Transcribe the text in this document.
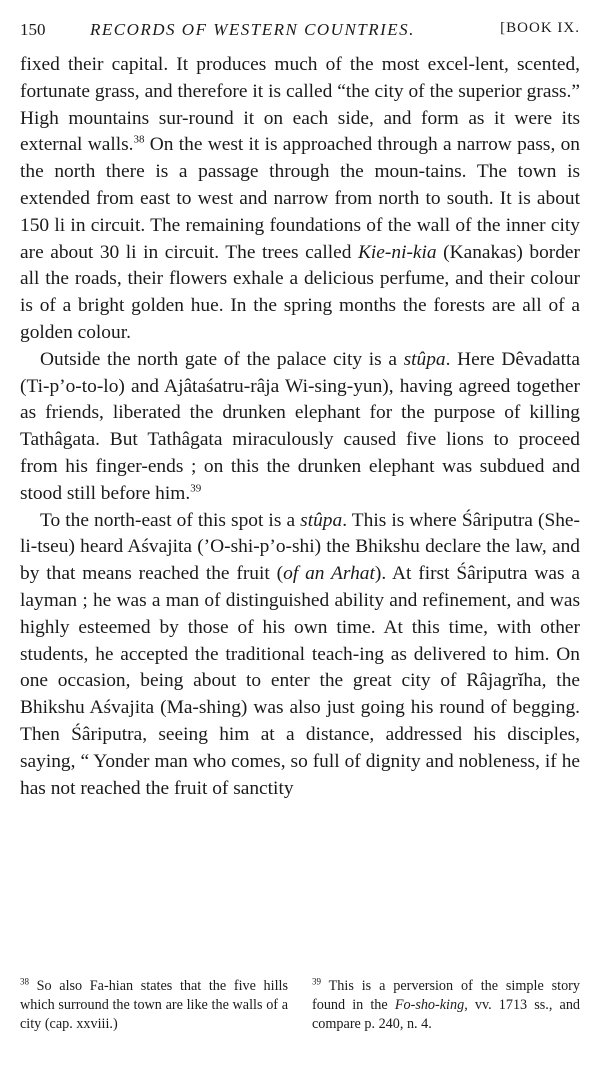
150	RECORDS OF WESTERN COUNTRIES.	[BOOK IX.

fixed their capital. It produces much of the most excel-lent, scented, fortunate grass, and therefore it is called “the city of the superior grass.” High mountains sur-round it on each side, and form as it were its external walls.$^{38}$ On the west it is approached through a narrow pass, on the north there is a passage through the moun-tains. The town is extended from east to west and narrow from north to south. It is about 150 li in circuit. The remaining foundations of the wall of the inner city are about 30 li in circuit. The trees called Kie-ni-kia (Kanakas) border all the roads, their flowers exhale a delicious perfume, and their colour is of a bright golden hue. In the spring months the forests are all of a golden colour.

Outside the north gate of the palace city is a stûpa. Here Dêvadatta (Ti-p’o-to-lo) and Ajâtaśatru-râja Wi-sing-yun), having agreed together as friends, liberated the drunken elephant for the purpose of killing Tathâgata. But Tathâgata miraculously caused five lions to proceed from his finger-ends ; on this the drunken elephant was subdued and stood still before him.$^{39}$

To the north-east of this spot is a stûpa. This is where Śâriputra (She-li-tseu) heard Aśvajita (’O-shi-p’o-shi) the Bhikshu declare the law, and by that means reached the fruit (of an Arhat). At first Śâriputra was a layman ; he was a man of distinguished ability and refinement, and was highly esteemed by those of his own time. At this time, with other students, he accepted the traditional teach-ing as delivered to him. On one occasion, being about to enter the great city of Râjagrĭha, the Bhikshu Aśvajita (Ma-shing) was also just going his round of begging. Then Śâriputra, seeing him at a distance, addressed his disciples, saying, “ Yonder man who comes, so full of dignity and nobleness, if he has not reached the fruit of sanctity

$^{38}$ So also Fa-hian states that the five hills which surround the town are like the walls of a city (cap. xxviii.)
$^{39}$ This is a perversion of the simple story found in the Fo-sho-king, vv. 1713 ss., and compare p. 240, n. 4.
